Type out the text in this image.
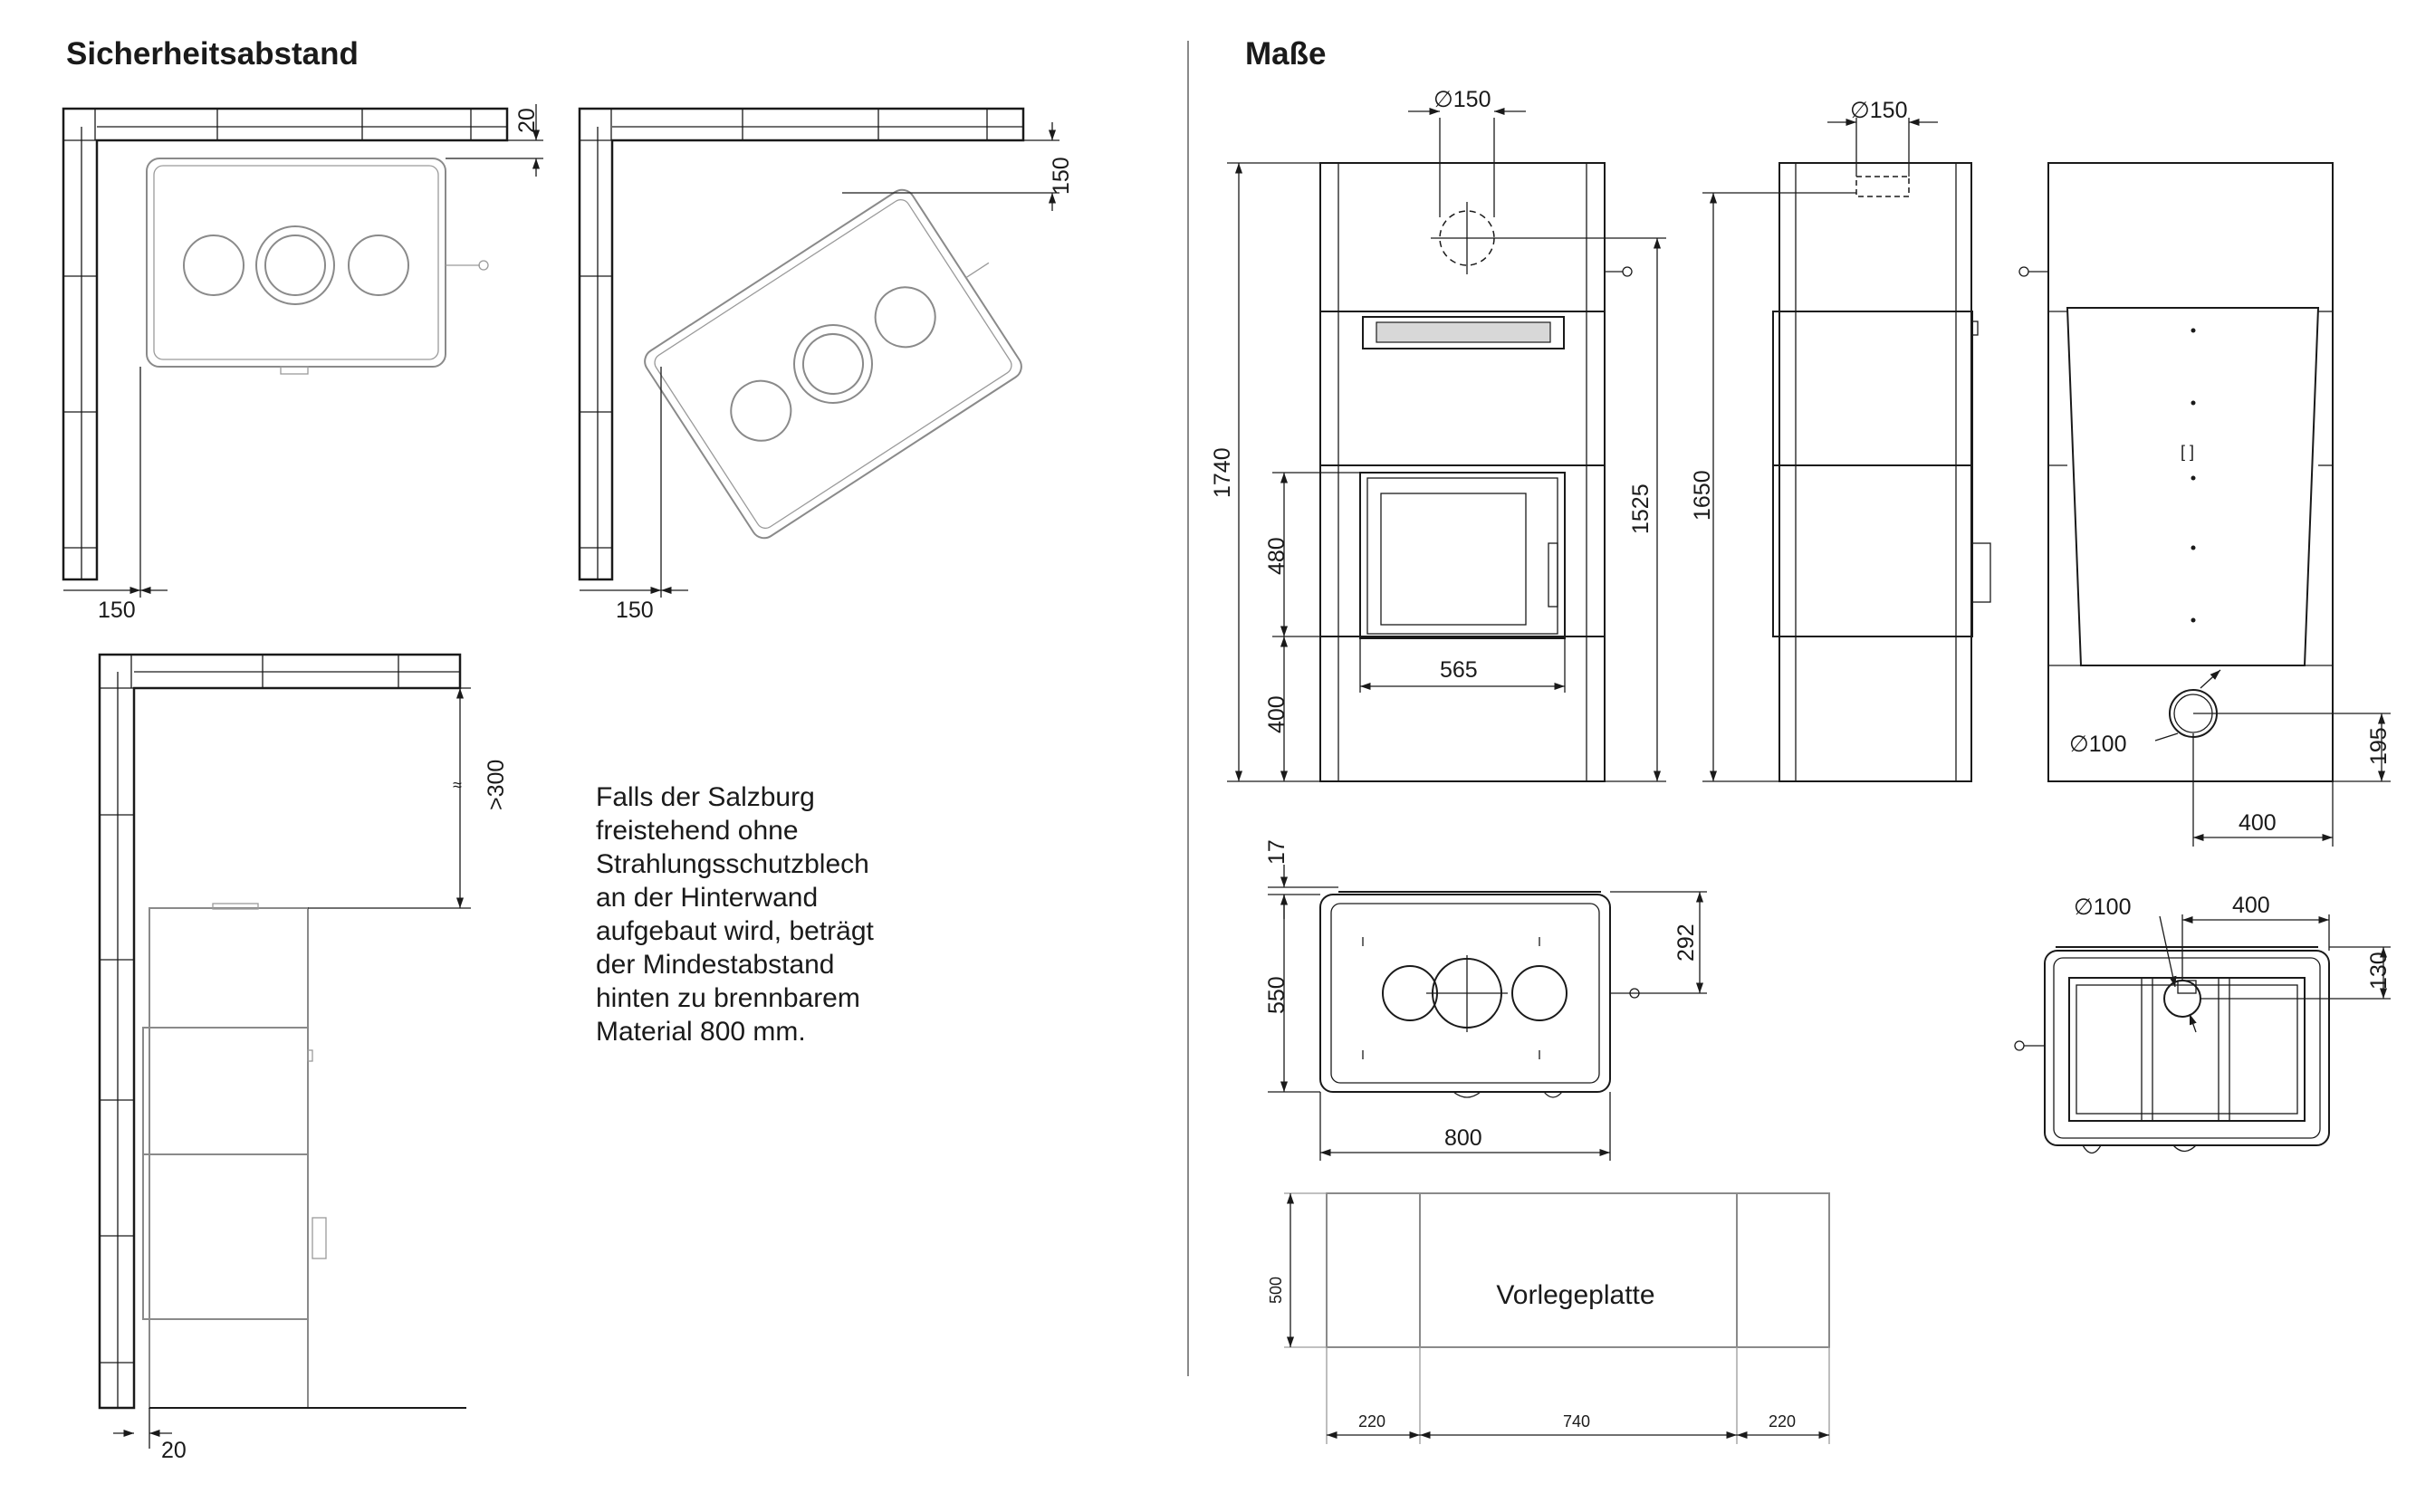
Sicherheitsabstand	Maße
Falls der Salzburg
freistehend ohne
Strahlungsschutzblech
an der Hinterwand
aufgebaut wird, beträgt
der Mindestabstand
hinten zu brennbarem
Material 800 mm.
150
20
150
150
≈ >300
20
∅150
1740
480
400
1525
565
∅150
1650
[ ]
195
∅100
400
17
550
292
800
∅100	400
130
Vorlegeplatte
500
220	740	220
